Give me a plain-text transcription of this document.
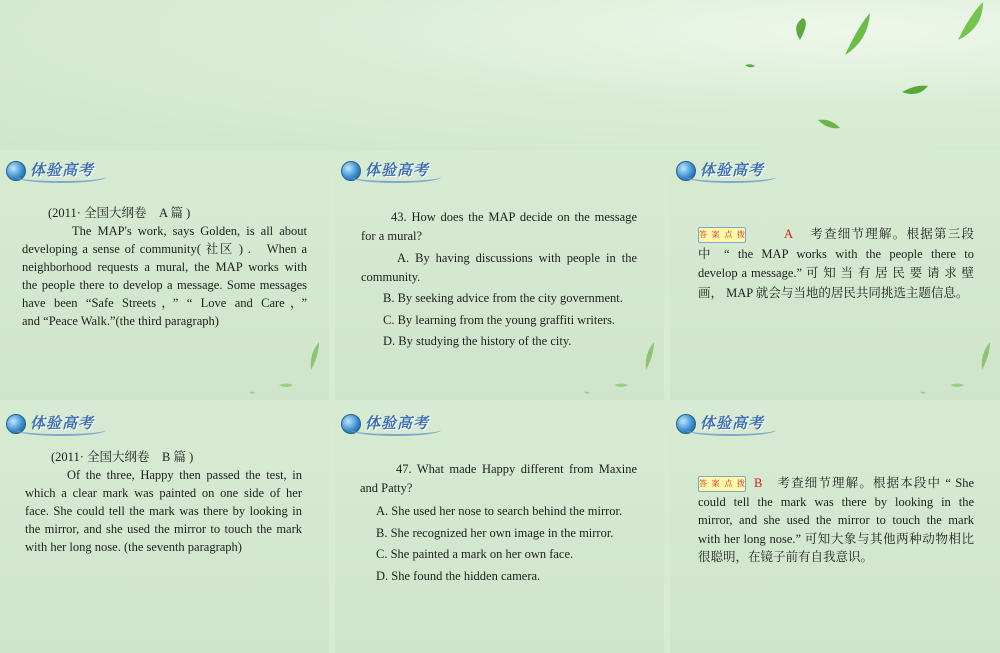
体验高考
(2011· 全国大纲卷　A 篇 )
The MAP's work, says Golden, is all about
developing a sense of community( 社区 ) .　When a
neighborhood requests a mural, the MAP works with
the people there to develop a message. Some messages
have been “Safe Streets，” “ Love and Care，”
and “Peace Walk.”(the third paragraph)
体验高考
43. How does the MAP decide on the message
for a mural?
A. By having discussions with people in the
community.
B. By seeking advice from the city government.
C. By learning from the young graffiti writers.
D. By studying the history of the city.
体验高考
答案点拨	A 考查细节理解。根据第三段
中 “ the MAP works with the people there to
develop a message.” 可 知 当 有 居 民 要 请 求 壁
画， MAP 就会与当地的居民共同挑选主题信息。
体验高考
(2011· 全国大纲卷　B 篇 )
Of the three, Happy then passed the test, in
which a clear mark was painted on one side of her
face. She could tell the mark was there by looking in
the mirror, and she used the mirror to touch the mark
with her long nose. (the seventh paragraph)
体验高考
47. What made Happy different from Maxine
and Patty?
A. She used her nose to search behind the mirror.
B. She recognized her own image in the mirror.
C. She painted a mark on her own face.
D. She found the hidden camera.
体验高考
答案点拨 B 考查细节理解。根据本段中 “ She
could tell the mark was there by looking in the
mirror, and she used the mirror to touch the mark
with her long nose.” 可知大象与其他两种动物相比
很聪明，在镜子前有自我意识。
